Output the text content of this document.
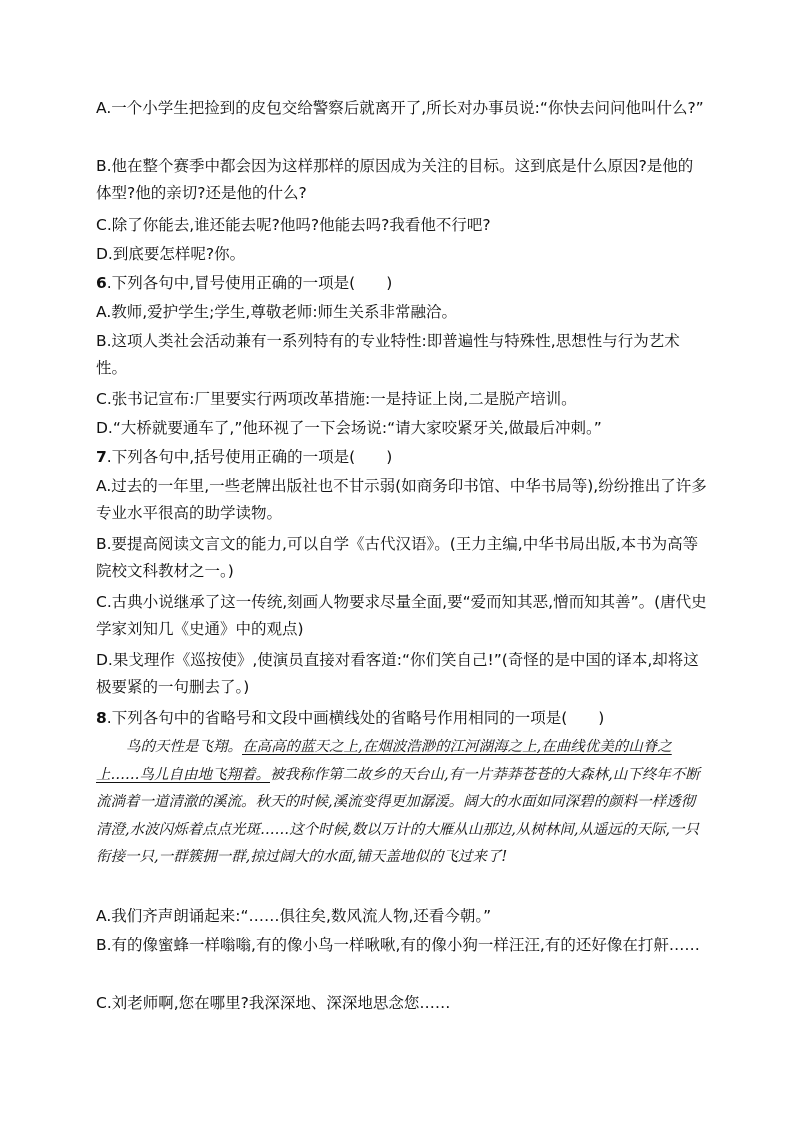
A.一个小学生把捡到的皮包交给警察后就离开了,所长对办事员说:“你快去问问他叫什么?”
B.他在整个赛季中都会因为这样那样的原因成为关注的目标。这到底是什么原因?是他的体型?他的亲切?还是他的什么?
C.除了你能去,谁还能去呢?他吗?他能去吗?我看他不行吧?
D.到底要怎样呢?你。
6.下列各句中,冒号使用正确的一项是(　　)
A.教师,爱护学生;学生,尊敬老师:师生关系非常融洽。
B.这项人类社会活动兼有一系列特有的专业特性:即普遍性与特殊性,思想性与行为艺术性。
C.张书记宣布:厂里要实行两项改革措施:一是持证上岗,二是脱产培训。
D.“大桥就要通车了,”他环视了一下会场说:“请大家咬紧牙关,做最后冲刺。”
7.下列各句中,括号使用正确的一项是(　　)
A.过去的一年里,一些老牌出版社也不甘示弱(如商务印书馆、中华书局等),纷纷推出了许多专业水平很高的助学读物。
B.要提高阅读文言文的能力,可以自学《古代汉语》。(王力主编,中华书局出版,本书为高等院校文科教材之一。)
C.古典小说继承了这一传统,刻画人物要求尽量全面,要“爱而知其恶,憎而知其善”。(唐代史学家刘知几《史通》中的观点)
D.果戈理作《巡按使》,使演员直接对看客道:“你们笑自己!”(奇怪的是中国的译本,却将这极要紧的一句删去了。)
8.下列各句中的省略号和文段中画横线处的省略号作用相同的一项是(　　)
鸟的天性是飞翔。在高高的蓝天之上,在烟波浩渺的江河湖海之上,在曲线优美的山脊之上……鸟儿自由地飞翔着。被我称作第二故乡的天台山,有一片莽莽苍苍的大森林,山下终年不断流淌着一道清澈的溪流。秋天的时候,溪流变得更加潺湲。阔大的水面如同深碧的颜料一样透彻清澄,水波闪烁着点点光斑……这个时候,数以万计的大雁从山那边,从树林间,从遥远的天际,一只衔接一只,一群簇拥一群,掠过阔大的水面,铺天盖地似的飞过来了!
A.我们齐声朗诵起来:“……俱往矣,数风流人物,还看今朝。”
B.有的像蜜蜂一样嗡嗡,有的像小鸟一样啾啾,有的像小狗一样汪汪,有的还好像在打鼾……
C.刘老师啊,您在哪里?我深深地、深深地思念您……
